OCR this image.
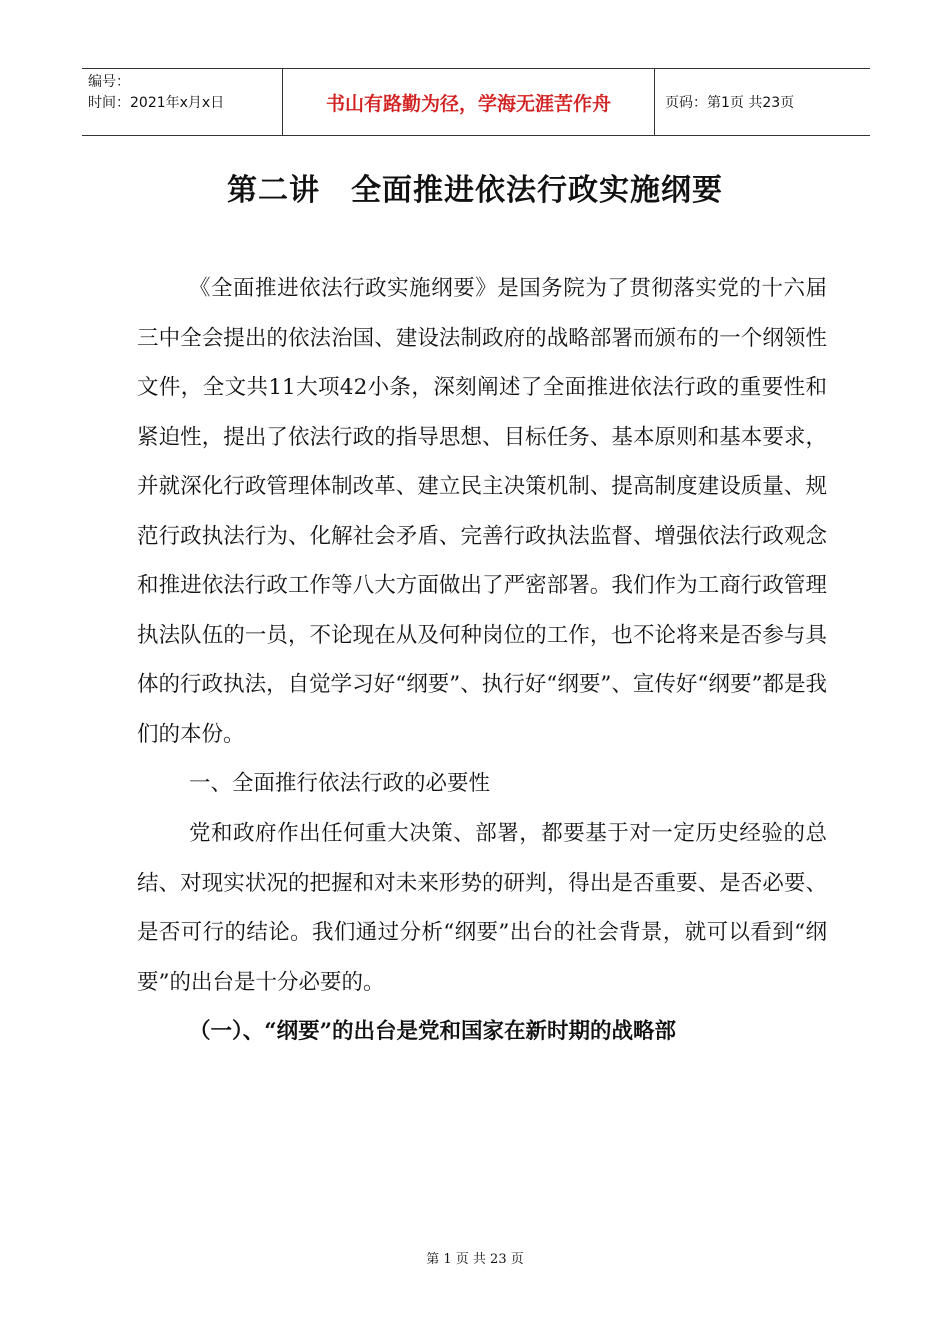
编号：
时间：2021年x月x日	书山有路勤为径，学海无涯苦作舟	页码：第1页 共23页
第二讲　全面推进依法行政实施纲要

《全面推进依法行政实施纲要》是国务院为了贯彻落实党的十六届三中全会提出的依法治国、建设法制政府的战略部署而颁布的一个纲领性文件，全文共11大项42小条，深刻阐述了全面推进依法行政的重要性和紧迫性，提出了依法行政的指导思想、目标任务、基本原则和基本要求，并就深化行政管理体制改革、建立民主决策机制、提高制度建设质量、规范行政执法行为、化解社会矛盾、完善行政执法监督、增强依法行政观念和推进依法行政工作等八大方面做出了严密部署。我们作为工商行政管理执法队伍的一员，不论现在从及何种岗位的工作，也不论将来是否参与具体的行政执法，自觉学习好“纲要”、执行好“纲要”、宣传好“纲要”都是我们的本份。

一、全面推行依法行政的必要性

党和政府作出任何重大决策、部署，都要基于对一定历史经验的总结、对现实状况的把握和对未来形势的研判，得出是否重要、是否必要、是否可行的结论。我们通过分析“纲要”出台的社会背景，就可以看到“纲要”的出台是十分必要的。

（一）、“纲要”的出台是党和国家在新时期的战略部
第 1 页 共 23 页
